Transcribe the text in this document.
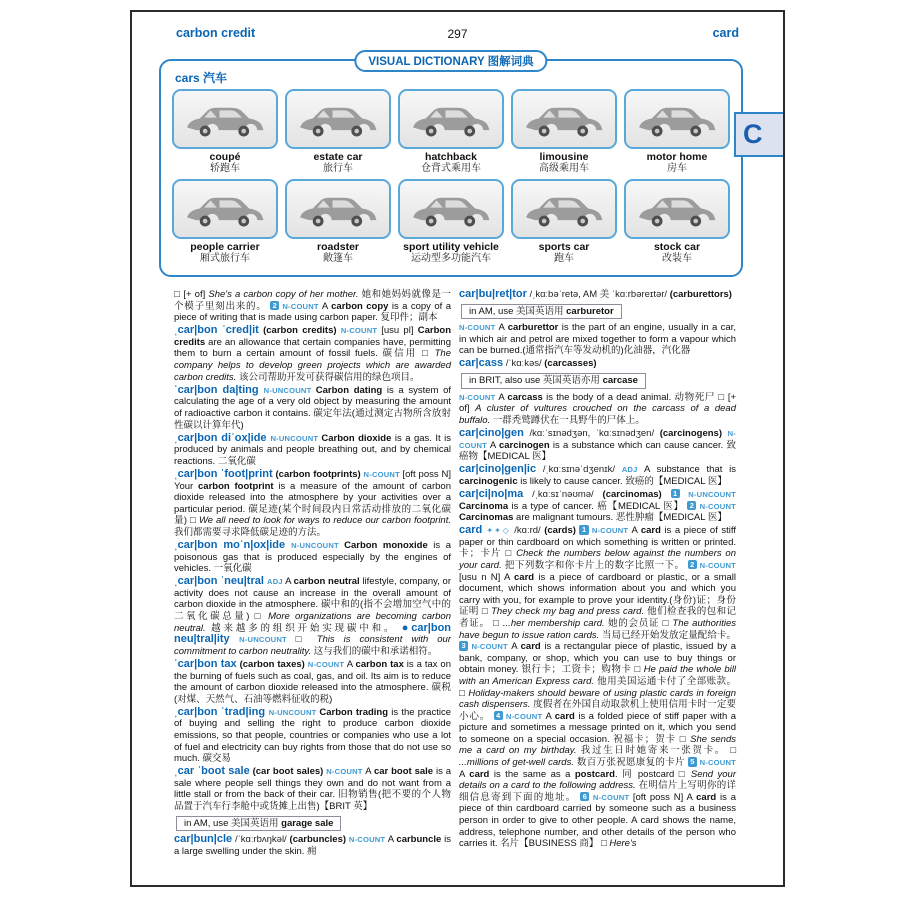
carbon credit	297	card
VISUAL DICTIONARY 图解词典
cars 汽车
coupé
轿跑车
estate car
旅行车
hatchback
仓背式乘用车
limousine
高级乘用车
motor home
房车
people carrier
厢式旅行车
roadster
敞篷车
sport utility vehicle
运动型多功能汽车
sports car
跑车
stock car
改装车
C

□ [+ of] She's a carbon copy of her mother. 她和她妈妈就像是一个模子里刻出来的。 2 N-COUNT A carbon copy is a copy of a piece of writing that is made using carbon paper. 复印件；副本

ˌcar|bon ˈcred|it (carbon credits) N-COUNT [usu pl] Carbon credits are an allowance that certain companies have, permitting them to burn a certain amount of fossil fuels. 碳信用 □ The company helps to develop green projects which are awarded carbon credits. 该公司帮助开发可获得碳信用的绿色项目。

ˈcar|bon da|ting N-UNCOUNT Carbon dating is a system of calculating the age of a very old object by measuring the amount of radioactive carbon it contains. 碳定年法(通过测定古物所含放射性碳以计算年代)

ˌcar|bon diˈox|ide N-UNCOUNT Carbon dioxide is a gas. It is produced by animals and people breathing out, and by chemical reactions. 二氧化碳

ˌcar|bon ˈfoot|print (carbon footprints) N-COUNT [oft poss N] Your carbon footprint is a measure of the amount of carbon dioxide released into the atmosphere by your activities over a particular period. 碳足迹(某个时间段内日常活动排放的二氧化碳量) □ We all need to look for ways to reduce our carbon footprint. 我们都需要寻求降低碳足迹的方法。

ˌcar|bon moˈn|ox|ide N-UNCOUNT Carbon monoxide is a poisonous gas that is produced especially by the engines of vehicles. 一氧化碳

ˌcar|bon ˈneu|tral ADJ A carbon neutral lifestyle, company, or activity does not cause an increase in the overall amount of carbon dioxide in the atmosphere. 碳中和的(指不会增加空气中的二氧化碳总量) □ More organizations are becoming carbon neutral. 越来越多的组织开始实现碳中和。 ●car|bon neu|tral|ity N-UNCOUNT □ This is consistent with our commitment to carbon neutrality. 这与我们的碳中和承诺相符。

ˈcar|bon tax (carbon taxes) N-COUNT A carbon tax is a tax on the burning of fuels such as coal, gas, and oil. Its aim is to reduce the amount of carbon dioxide released into the atmosphere. 碳税(对煤、天然气、石油等燃料征收的税)

ˌcar|bon ˈtrad|ing N-UNCOUNT Carbon trading is the practice of buying and selling the right to produce carbon dioxide emissions, so that people, countries or companies who use a lot of fuel and electricity can buy rights from those that do not use so much. 碳交易

ˌcar ˈboot sale (car boot sales) N-COUNT A car boot sale is a sale where people sell things they own and do not want from a little stall or from the back of their car. 旧物销售(把不要的个人物品置于汽车行李舱中或货摊上出售)【BRIT 英】

in AM, use 美国英语用 garage sale

car|bun|cle /ˈkɑːrbʌŋkəl/ (carbuncles) N-COUNT A carbuncle is a large swelling under the skin. 痈

car|bu|ret|tor /ˌkɑːbəˈretə, AM 美 ˈkɑːrbəreɪtər/ (carburettors)

in AM, use 美国英语用 carburetor

N-COUNT A carburettor is the part of an engine, usually in a car, in which air and petrol are mixed together to form a vapour which can be burned.(通常指汽车等发动机的)化油器，汽化器

car|cass /ˈkɑːkəs/ (carcasses)

in BRIT, also use 英国英语亦用 carcase

N-COUNT A carcass is the body of a dead animal. 动物死尸 □ [+ of] A cluster of vultures crouched on the carcass of a dead buffalo. 一群秃鹫蹲伏在一具野牛的尸体上。

car|cino|gen /kɑːˈsɪnədʒən, ˈkɑːsɪnədʒen/ (carcinogens) N-COUNT A carcinogen is a substance which can cause cancer. 致癌物【MEDICAL 医】

car|cino|gen|ic /ˌkɑːsɪnəˈdʒenɪk/ ADJ A substance that is carcinogenic is likely to cause cancer. 致癌的【MEDICAL 医】

car|ci|no|ma /ˌkɑːsɪˈnəʊmə/ (carcinomas) 1 N-UNCOUNT Carcinoma is a type of cancer. 癌【MEDICAL 医】 2 N-COUNT Carcinomas are malignant tumours. 恶性肿瘤【MEDICAL 医】

card ✦✦◇ /kɑːrd/ (cards) 1 N-COUNT A card is a piece of stiff paper or thin cardboard on which something is written or printed. 卡；卡片 □ Check the numbers below against the numbers on your card. 把下列数字和你卡片上的数字比照一下。 2 N-COUNT [usu n N] A card is a piece of cardboard or plastic, or a small document, which shows information about you and which you carry with you, for example to prove your identity.(身份)证；身份证明 □ They check my bag and press card. 他们检查我的包和记者证。 □ ...her membership card. 她的会员证 □ The authorities have begun to issue ration cards. 当局已经开始发放定量配给卡。 3 N-COUNT A card is a rectangular piece of plastic, issued by a bank, company, or shop, which you can use to buy things or obtain money. 银行卡；工资卡；购物卡 □ He paid the whole bill with an American Express card. 他用美国运通卡付了全部账款。 □ Holiday-makers should beware of using plastic cards in foreign cash dispensers. 度假者在外国自动取款机上使用信用卡时一定要小心。 4 N-COUNT A card is a folded piece of stiff paper with a picture and sometimes a message printed on it, which you send to someone on a special occasion. 祝福卡；贺卡 □ She sends me a card on my birthday. 我过生日时她寄来一张贺卡。 □ ...millions of get-well cards. 数百万张祝愿康复的卡片 5 N-COUNT A card is the same as a postcard. 同 postcard □ Send your details on a card to the following address. 在明信片上写明你的详细信息寄到下面的地址。 6 N-COUNT [oft poss N] A card is a piece of thin cardboard carried by someone such as a business person in order to give to other people. A card shows the name, address, telephone number, and other details of the person who carries it. 名片【BUSINESS 商】 □ Here's
